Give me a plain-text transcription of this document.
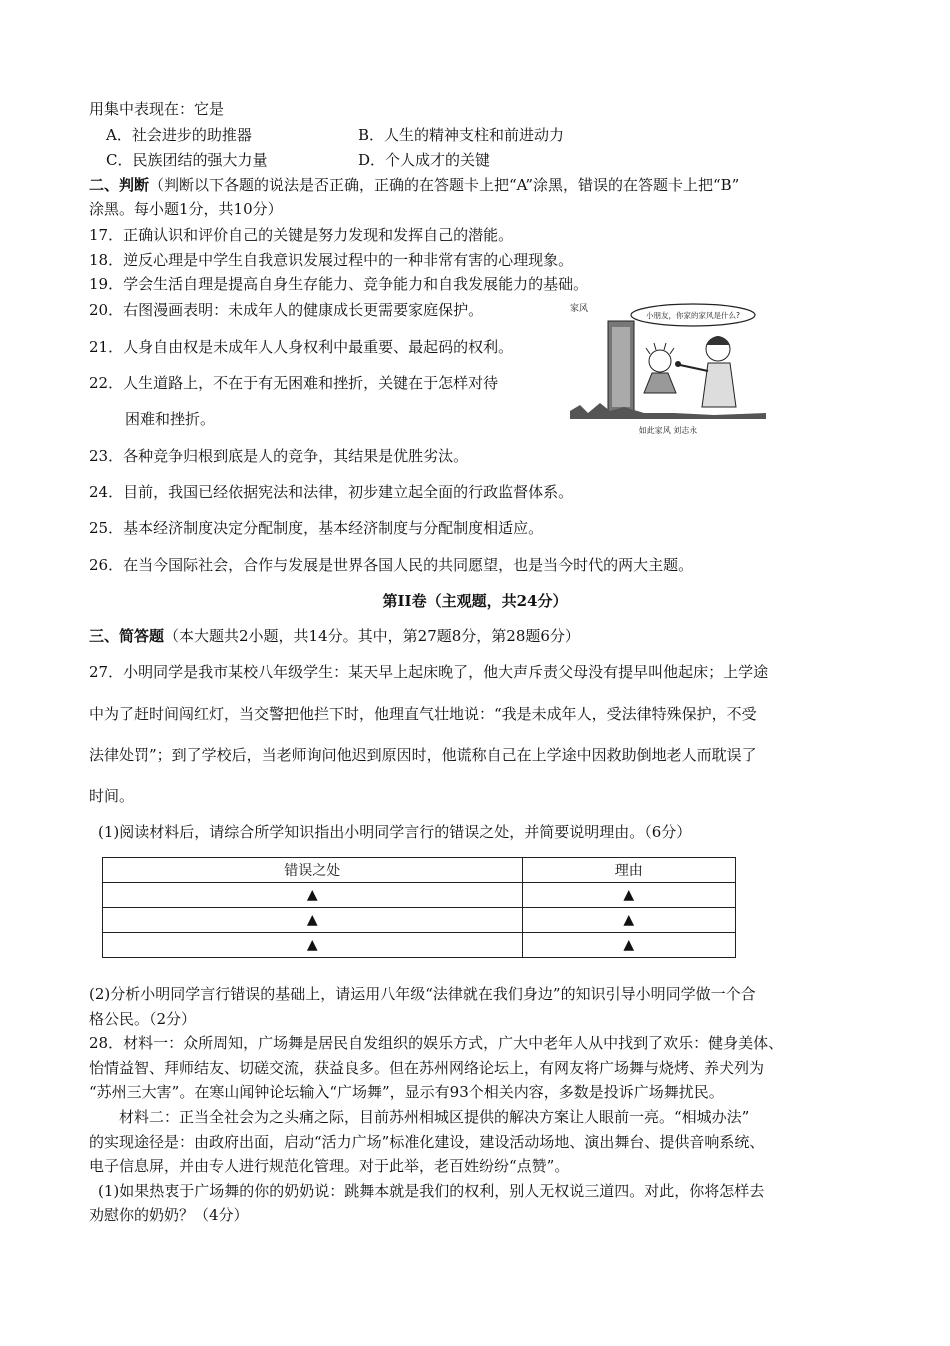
用集中表现在：它是
A．社会进步的助推器	B．人生的精神支柱和前进动力
C．民族团结的强大力量	D．个人成才的关键
二、判断（判断以下各题的说法是否正确，正确的在答题卡上把“A”涂黑，错误的在答题卡上把“B”
涂黑。每小题1分，共10分）
17．正确认识和评价自己的关键是努力发现和发挥自己的潜能。
18．逆反心理是中学生自我意识发展过程中的一种非常有害的心理现象。
19．学会生活自理是提高自身生存能力、竞争能力和自我发展能力的基础。
20．右图漫画表明：未成年人的健康成长更需要家庭保护。
21．人身自由权是未成年人人身权利中最重要、最起码的权利。
22．人生道路上，不在于有无困难和挫折，关键在于怎样对待
困难和挫折。
23．各种竞争归根到底是人的竞争，其结果是优胜劣汰。
24．目前，我国已经依据宪法和法律，初步建立起全面的行政监督体系。
25．基本经济制度决定分配制度，基本经济制度与分配制度相适应。
26．在当今国际社会，合作与发展是世界各国人民的共同愿望，也是当今时代的两大主题。
家风
小朋友，你家的家风是什么?
如此家风 刘志永
第II卷（主观题，共24分）
三、简答题（本大题共2小题，共14分。其中，第27题8分，第28题6分）
27．小明同学是我市某校八年级学生：某天早上起床晚了，他大声斥责父母没有提早叫他起床；上学途
中为了赶时间闯红灯，当交警把他拦下时，他理直气壮地说：“我是未成年人，受法律特殊保护，不受
法律处罚”；到了学校后，当老师询问他迟到原因时，他谎称自己在上学途中因救助倒地老人而耽误了
时间。
(1)阅读材料后，请综合所学知识指出小明同学言行的错误之处，并简要说明理由。（6分）
错误之处	理由
▲	▲
▲	▲
▲	▲
(2)分析小明同学言行错误的基础上，请运用八年级“法律就在我们身边”的知识引导小明同学做一个合
格公民。（2分）
28．材料一：众所周知，广场舞是居民自发组织的娱乐方式，广大中老年人从中找到了欢乐：健身美体、
怡情益智、拜师结友、切磋交流，获益良多。但在苏州网络论坛上，有网友将广场舞与烧烤、养犬列为
“苏州三大害”。在寒山闻钟论坛输入“广场舞”，显示有93个相关内容，多数是投诉广场舞扰民。
材料二：正当全社会为之头痛之际，目前苏州相城区提供的解决方案让人眼前一亮。“相城办法”
的实现途径是：由政府出面，启动“活力广场”标准化建设，建设活动场地、演出舞台、提供音响系统、
电子信息屏，并由专人进行规范化管理。对于此举，老百姓纷纷“点赞”。
(1)如果热衷于广场舞的你的奶奶说：跳舞本就是我们的权利，别人无权说三道四。对此，你将怎样去
劝慰你的奶奶？（4分）
